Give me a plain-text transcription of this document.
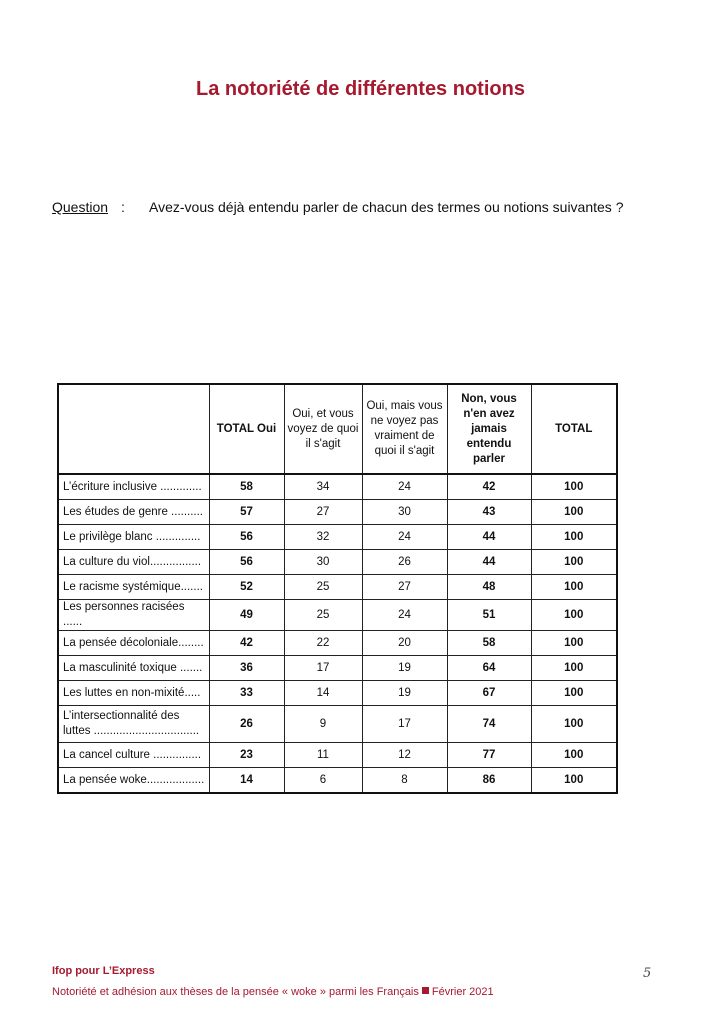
La notoriété de différentes notions
Question : Avez-vous déjà entendu parler de chacun des termes ou notions suivantes ?
	TOTAL Oui	Oui, et vous voyez de quoi il s'agit	Oui, mais vous ne voyez pas vraiment de quoi il s'agit	Non, vous n'en avez jamais entendu parler	TOTAL
L’écriture inclusive .............	58	34	24	42	100
Les études de genre ..........	57	27	30	43	100
Le privilège blanc ..............	56	32	24	44	100
La culture du viol................	56	30	26	44	100
Le racisme systémique.......	52	25	27	48	100
Les personnes racisées ......	49	25	24	51	100
La pensée décoloniale........	42	22	20	58	100
La masculinité toxique .......	36	17	19	64	100
Les luttes en non-mixité.....	33	14	19	67	100
L’intersectionnalité des luttes .................................	26	9	17	74	100
La cancel culture ...............	23	11	12	77	100
La pensée woke..................	14	6	8	86	100
Ifop pour L’Express
Notoriété et adhésion aux thèses de la pensée « woke » parmi les Français Février 2021
5
